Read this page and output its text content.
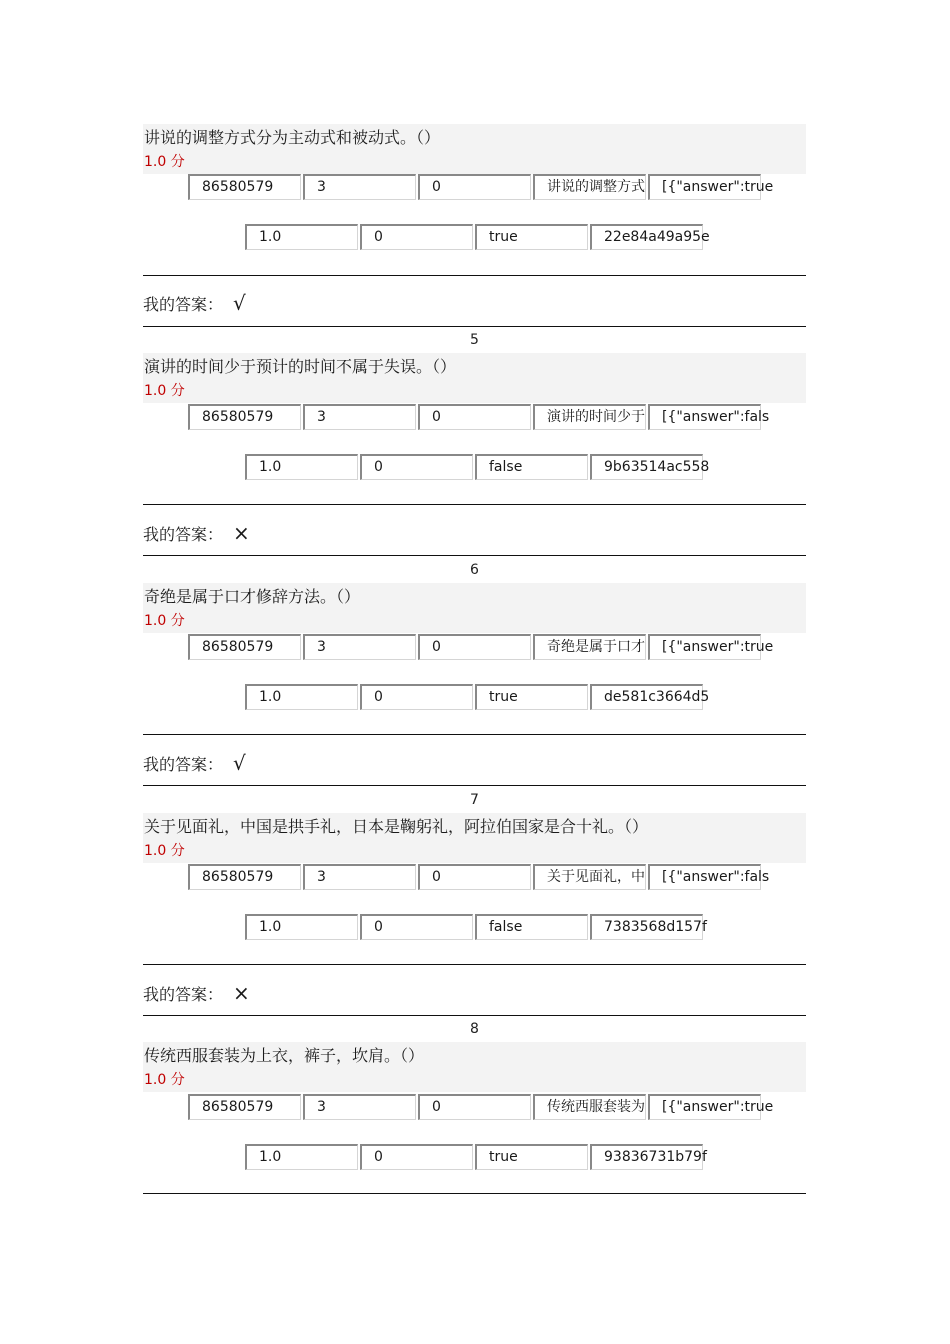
讲说的调整方式分为主动式和被动式。（）
1.0 分
86580579	3	0	讲说的调整方式	[{"answer":true
1.0	0	true	22e84a49a95e
我的答案： √
5
演讲的时间少于预计的时间不属于失误。（）
1.0 分
86580579	3	0	演讲的时间少于	[{"answer":fals
1.0	0	false	9b63514ac558
我的答案： ×
6
奇绝是属于口才修辞方法。（）
1.0 分
86580579	3	0	奇绝是属于口才	[{"answer":true
1.0	0	true	de581c3664d5
我的答案： √
7
关于见面礼，中国是拱手礼，日本是鞠躬礼，阿拉伯国家是合十礼。（）
1.0 分
86580579	3	0	关于见面礼，中	[{"answer":fals
1.0	0	false	7383568d157f
我的答案： ×
8
传统西服套装为上衣，裤子，坎肩。（）
1.0 分
86580579	3	0	传统西服套装为	[{"answer":true
1.0	0	true	93836731b79f
